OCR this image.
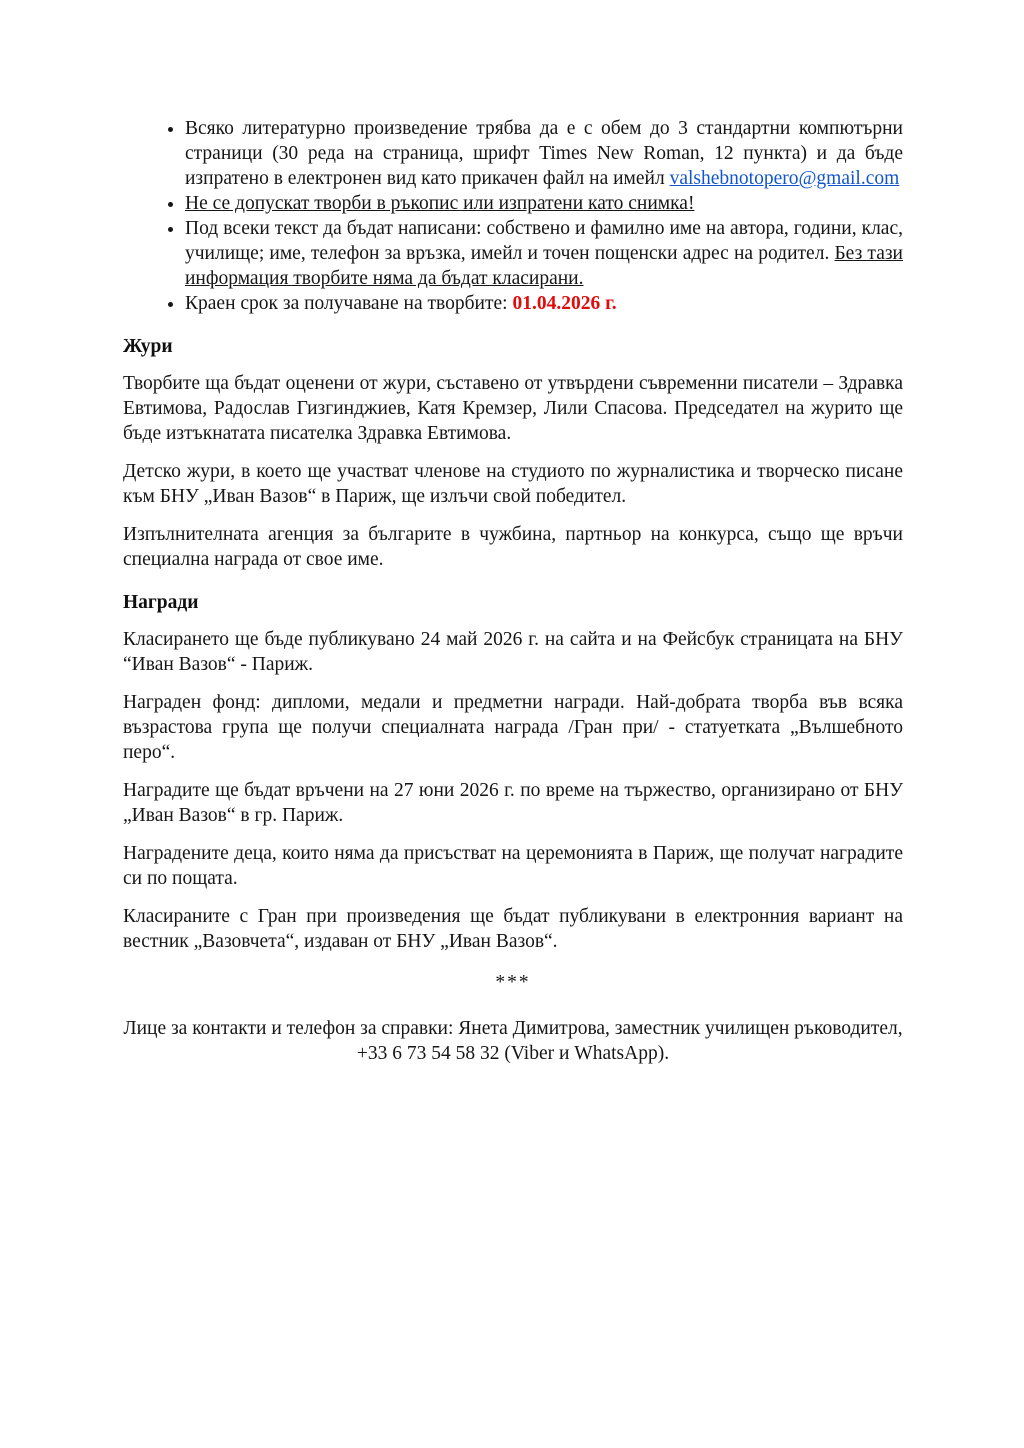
• Всяко литературно произведение трябва да е с обем до 3 стандартни компютърни страници (30 реда на страница, шрифт Times New Roman, 12 пункта) и да бъде изпратено в електронен вид като прикачен файл на имейл valshebnotopero@gmail.com
• Не се допускат творби в ръкопис или изпратени като снимка!
• Под всеки текст да бъдат написани: собствено и фамилно име на автора, години, клас, училище; име, телефон за връзка, имейл и точен пощенски адрес на родител. Без тази информация творбите няма да бъдат класирани.
• Краен срок за получаване на творбите: 01.04.2026 г.
Жури

Творбите ща бъдат оценени от жури, съставено от утвърдени съвременни писатели – Здравка Евтимова, Радослав Гизгинджиев, Катя Кремзер, Лили Спасова. Председател на журито ще бъде изтъкнатата писателка Здравка Евтимова.

Детско жури, в което ще участват членове на студиото по журналистика и творческо писане към БНУ „Иван Вазов“ в Париж, ще излъчи свой победител.

Изпълнителната агенция за българите в чужбина, партньор на конкурса, също ще връчи специална награда от свое име.

Награди

Класирането ще бъде публикувано 24 май 2026 г. на сайта и на Фейсбук страницата на БНУ “Иван Вазов“ - Париж.

Награден фонд: дипломи, медали и предметни награди. Най-добрата творба във всяка възрастова група ще получи специалната награда /Гран при/ - статуетката „Вълшебното перо“.

Наградите ще бъдат връчени на 27 юни 2026 г. по време на тържество, организирано от БНУ „Иван Вазов“ в гр. Париж.

Наградените деца, които няма да присъстват на церемонията в Париж, ще получат наградите си по пощата.

Класираните с Гран при произведения ще бъдат публикувани в електронния вариант на вестник „Вазовчета“, издаван от БНУ „Иван Вазов“.

***

Лице за контакти и телефон за справки: Янета Димитрова, заместник училищен ръководител, +33 6 73 54 58 32 (Viber и WhatsApp).
